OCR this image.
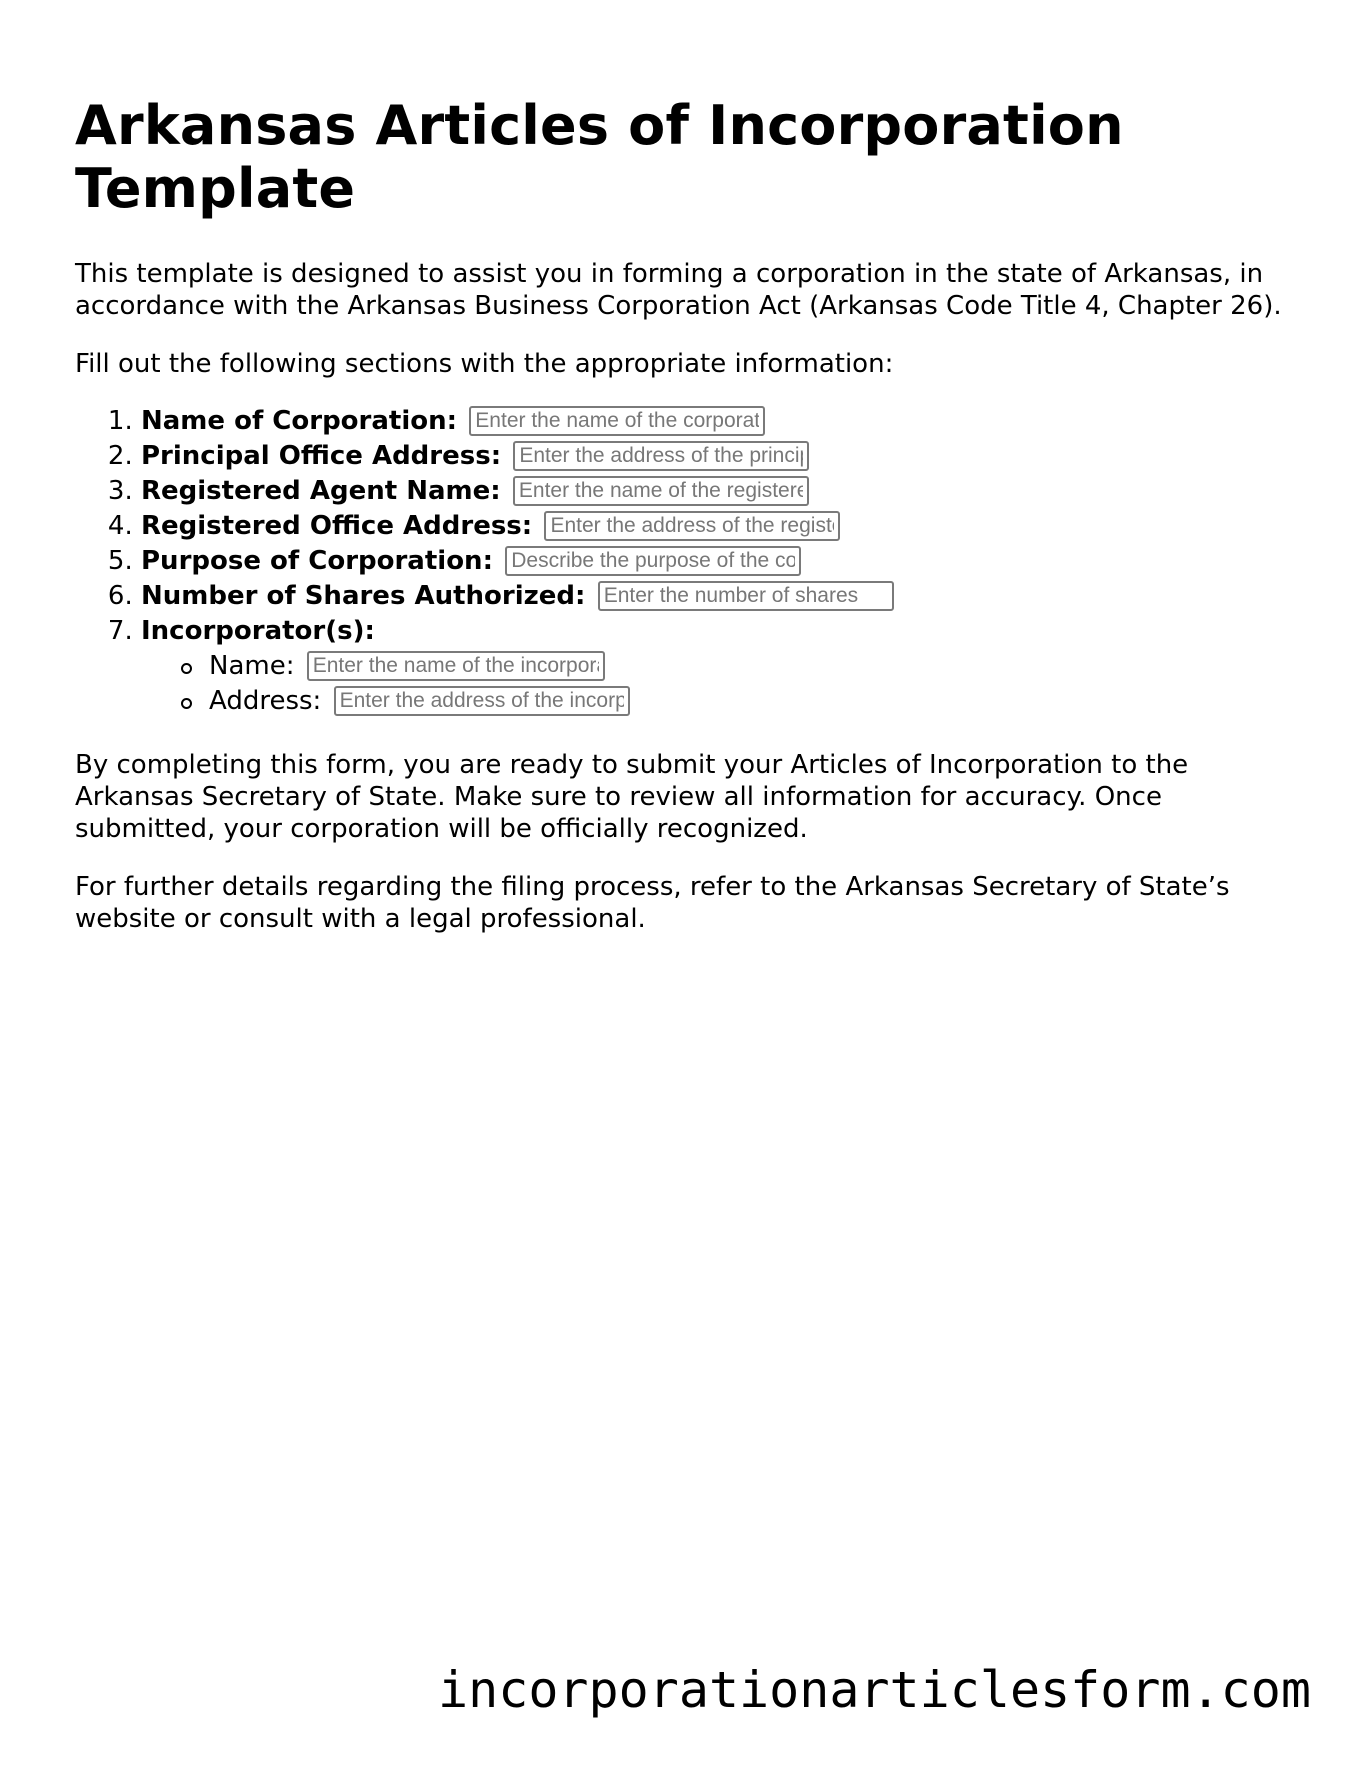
Arkansas Articles of Incorporation Template

This template is designed to assist you in forming a corporation in the state of Arkansas, in accordance with the Arkansas Business Corporation Act (Arkansas Code Title 4, Chapter 26).

Fill out the following sections with the appropriate information:

1. Name of Corporation: Enter the name of the corporation
2. Principal Office Address: Enter the address of the principal office
3. Registered Agent Name: Enter the name of the registered agent
4. Registered Office Address: Enter the address of the registered office
5. Purpose of Corporation: Describe the purpose of the corporation
6. Number of Shares Authorized: Enter the number of shares
7. Incorporator(s):
Name: Enter the name of the incorporator
Address: Enter the address of the incorporator

By completing this form, you are ready to submit your Articles of Incorporation to the Arkansas Secretary of State. Make sure to review all information for accuracy. Once submitted, your corporation will be officially recognized.

For further details regarding the filing process, refer to the Arkansas Secretary of State’s website or consult with a legal professional.

incorporationarticlesform.com
